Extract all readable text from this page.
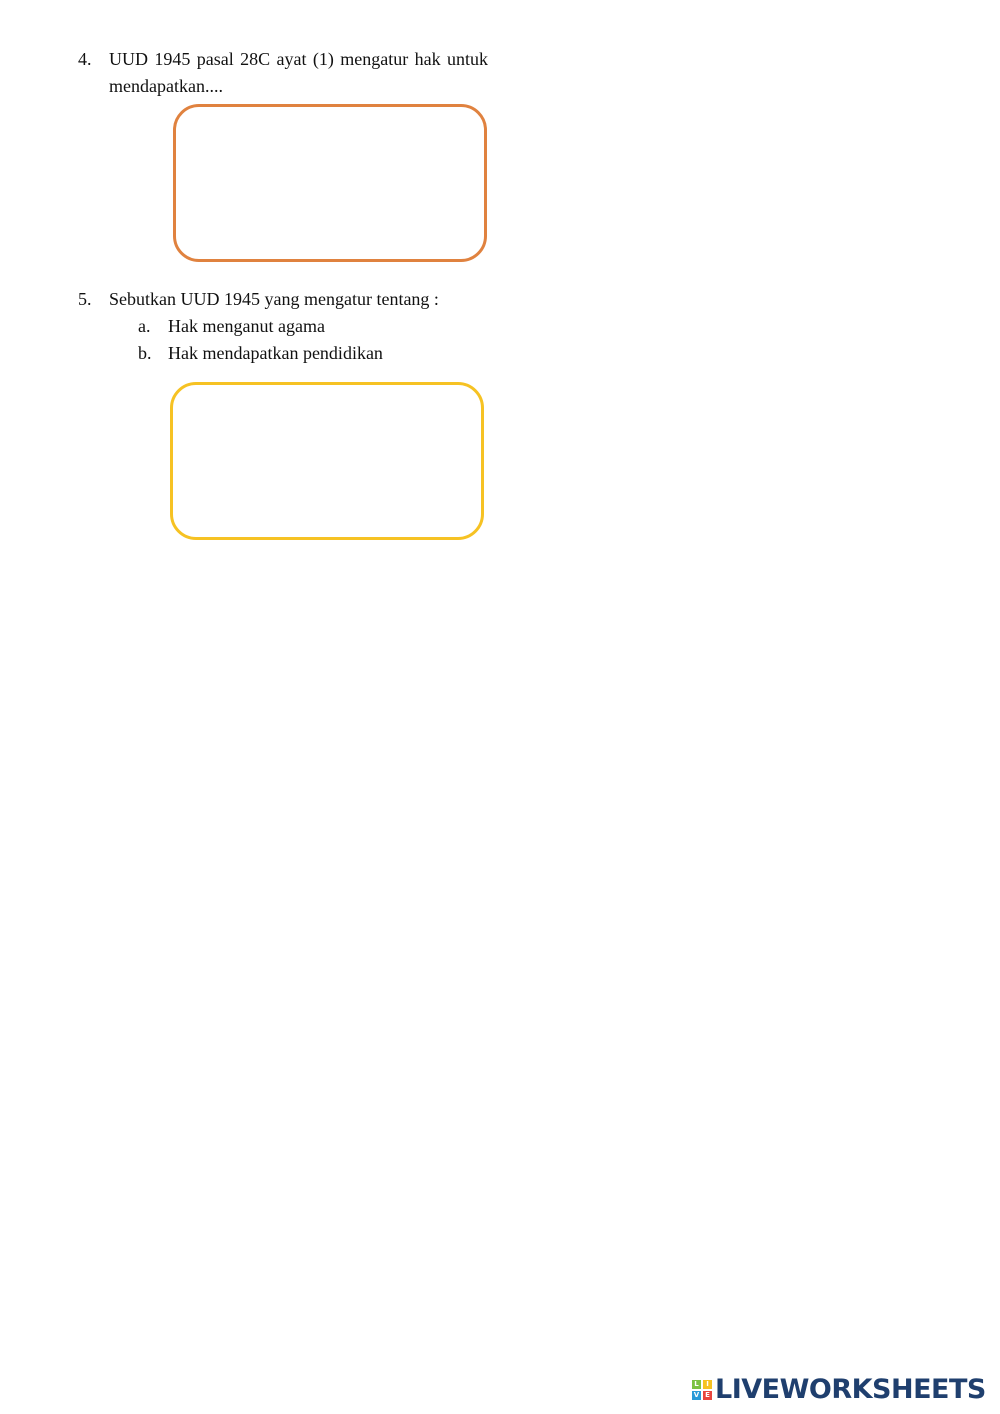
4. UUD 1945 pasal 28C ayat (1) mengatur hak untuk mendapatkan....
5. Sebutkan UUD 1945 yang mengatur tentang :
a. Hak menganut agama
b. Hak mendapatkan pendidikan
L	I
V E LIVEWORKSHEETS
